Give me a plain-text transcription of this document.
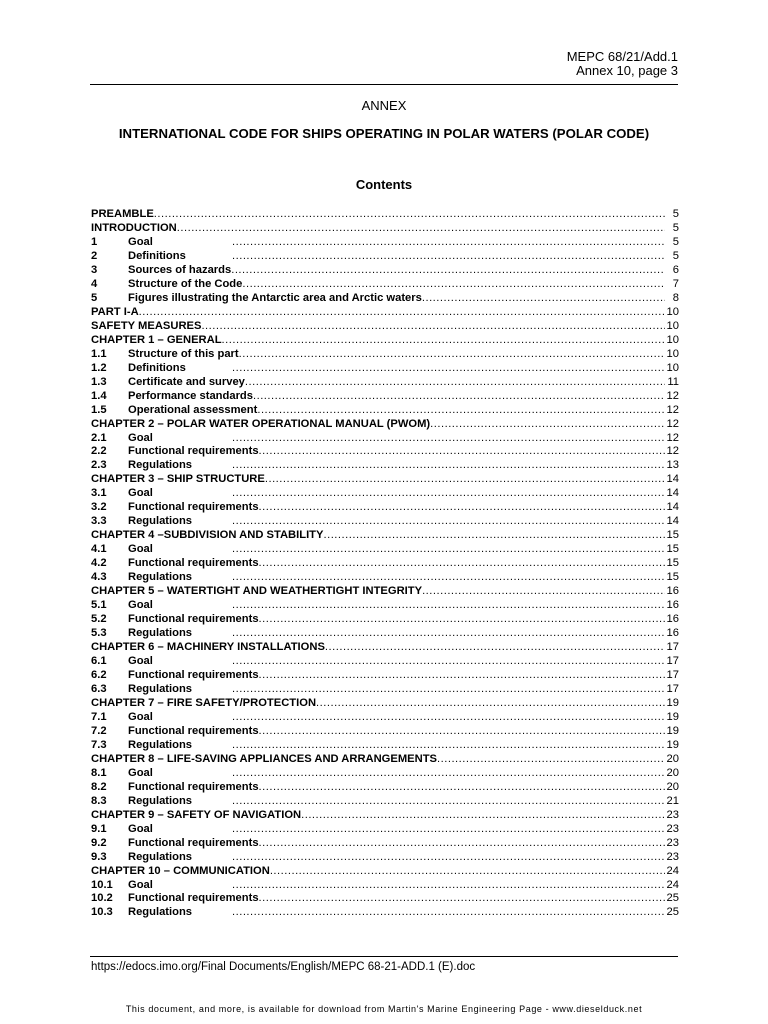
MEPC 68/21/Add.1
Annex 10, page 3
ANNEX
INTERNATIONAL CODE FOR SHIPS OPERATING IN POLAR WATERS (POLAR CODE)
Contents
PREAMBLE .....	5
INTRODUCTION .....	5
1	Goal .....	5
2	Definitions .....	5
3	Sources of hazards .....	6
4	Structure of the Code .....	7
5	Figures illustrating the Antarctic area and Arctic waters .....	8
PART I-A .....	10
SAFETY MEASURES .....	10
CHAPTER 1 – GENERAL .....	10
1.1 Structure of this part .....	10
1.2 Definitions .....	10
1.3 Certificate and survey .....	11
1.4 Performance standards .....	12
1.5 Operational assessment .....	12
CHAPTER 2 – POLAR WATER OPERATIONAL MANUAL (PWOM) .....	12
2.1 Goal .....	12
2.2 Functional requirements .....	12
2.3 Regulations .....	13
CHAPTER 3 – SHIP STRUCTURE .....	14
3.1 Goal .....	14
3.2 Functional requirements .....	14
3.3 Regulations .....	14
CHAPTER 4 –SUBDIVISION AND STABILITY .....	15
4.1 Goal .....	15
4.2 Functional requirements .....	15
4.3 Regulations .....	15
CHAPTER 5 – WATERTIGHT AND WEATHERTIGHT INTEGRITY .....	16
5.1 Goal .....	16
5.2 Functional requirements .....	16
5.3 Regulations .....	16
CHAPTER 6 – MACHINERY INSTALLATIONS .....	17
6.1 Goal .....	17
6.2 Functional requirements .....	17
6.3 Regulations .....	17
CHAPTER 7 – FIRE SAFETY/PROTECTION .....	19
7.1 Goal .....	19
7.2 Functional requirements .....	19
7.3 Regulations .....	19
CHAPTER 8 – LIFE-SAVING APPLIANCES AND ARRANGEMENTS .....	20
8.1 Goal .....	20
8.2 Functional requirements .....	20
8.3 Regulations .....	21
CHAPTER 9 – SAFETY OF NAVIGATION .....	23
9.1 Goal .....	23
9.2 Functional requirements .....	23
9.3 Regulations .....	23
CHAPTER 10 – COMMUNICATION .....	24
10.1 Goal .....	24
10.2 Functional requirements .....	25
10.3 Regulations .....	25
https://edocs.imo.org/Final Documents/English/MEPC 68-21-ADD.1 (E).doc
This document, and more, is available for download from Martin's Marine Engineering Page - www.dieselduck.net
